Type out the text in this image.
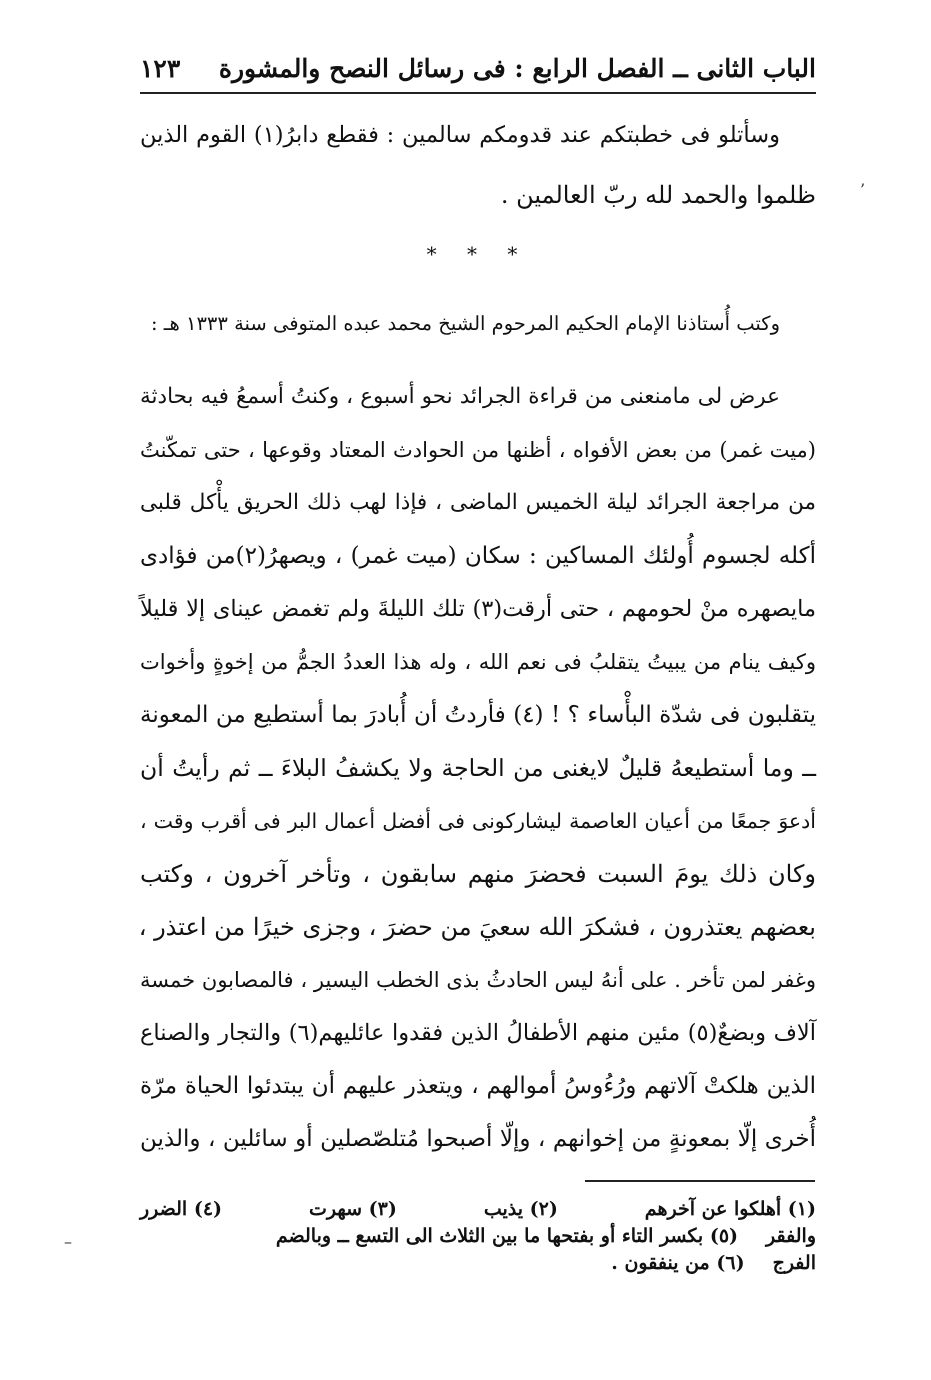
الباب الثانى ــ الفصل الرابع : فى رسائل النصح والمشورة
١٢٣
وسأتلو فى خطبتكم عند قدومكم سالمين : فقطع دابرُ(١) القوم الذين
ظلموا والحمد لله ربّ العالمين .
* * *
وكتب أُستاذنا الإمام الحكيم المرحوم الشيخ محمد عبده المتوفى سنة ١٣٣٣ هـ :
عرض لى مامنعنى من قراءة الجرائد نحو أسبوع ، وكنتُ أسمعُ فيه بحادثة
(ميت غمر) من بعض الأفواه ، أظنها من الحوادث المعتاد وقوعها ، حتى تمكّنتُ
من مراجعة الجرائد ليلة الخميس الماضى ، فإذا لهب ذلك الحريق يأْكل قلبى
أكله لجسوم أُولئك المساكين : سكان (ميت غمر) ، ويصهرُ(٢)من فؤادى
مايصهره منْ لحومهم ، حتى أرقت(٣) تلك الليلةَ ولم تغمض عيناى إلا قليلاً
وكيف ينام من يبيتُ يتقلبُ فى نعم الله ، وله هذا العددُ الجمُّ من إخوةٍ وأخوات
يتقلبون فى شدّة البأْساء ؟ ! (٤) فأردتُ أن أُبادرَ بما أستطيع من المعونة
ــ وما أستطيعهُ قليلٌ لايغنى من الحاجة ولا يكشفُ البلاءَ ــ ثم رأيتُ أن
أدعوَ جمعًا من أعيان العاصمة ليشاركونى فى أفضل أعمال البر فى أقرب وقت ،
وكان ذلك يومَ السبت فحضرَ منهم سابقون ، وتأخر آخرون ، وكتب
بعضهم يعتذرون ، فشكرَ الله سعيَ من حضرَ ، وجزى خيرًا من اعتذر ،
وغفر لمن تأخر . على أنهُ ليس الحادثُ بذى الخطب اليسير ، فالمصابون خمسة
آلاف وبضعٌ(٥) مئين منهم الأطفالُ الذين فقدوا عائليهم(٦) والتجار والصناع
الذين هلكتْ آلاتهم ورُءُوسُ أموالهم ، ويتعذر عليهم أن يبتدئوا الحياة مرّة
أُخرى إلّا بمعونةٍ من إخوانهم ، وإلّا أصبحوا مُتلصّصلين أو سائلين ، والذين
(١) أهلكوا عن آخرهم
(٢) يذيب
(٣) سهرت
(٤) الضرر
والفقر
(٥) بكسر التاء أو بفتحها ما بين الثلاث الى التسع ــ وبالضم
الفرج
(٦) من ينفقون .
’
–
